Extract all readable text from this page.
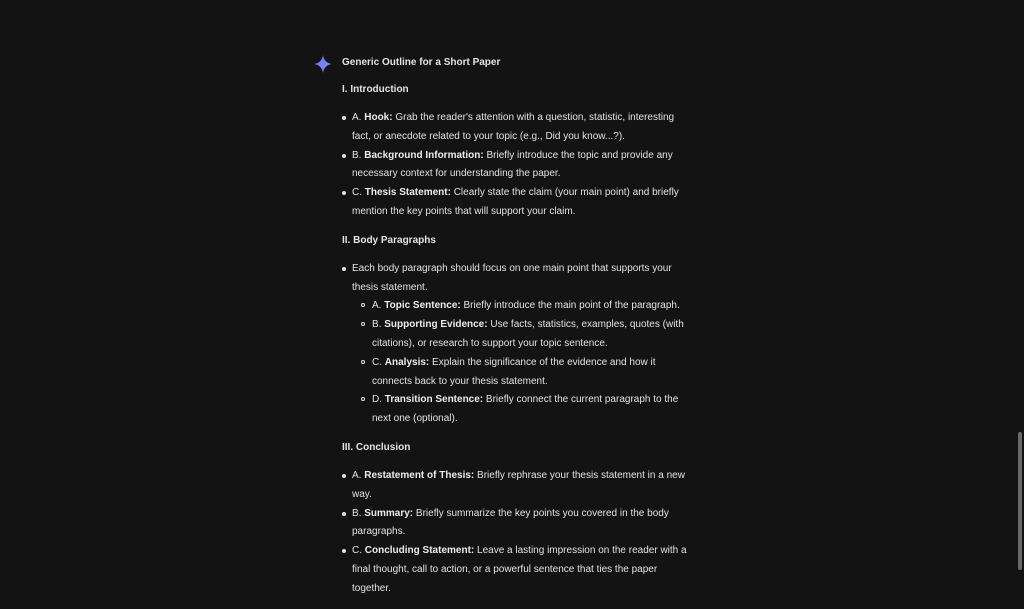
Generic Outline for a Short Paper
I. Introduction
A. Hook: Grab the reader's attention with a question, statistic, interesting fact, or anecdote related to your topic (e.g., Did you know...?).
B. Background Information: Briefly introduce the topic and provide any necessary context for understanding the paper.
C. Thesis Statement: Clearly state the claim (your main point) and briefly mention the key points that will support your claim.
II. Body Paragraphs
Each body paragraph should focus on one main point that supports your thesis statement.
A. Topic Sentence: Briefly introduce the main point of the paragraph.
B. Supporting Evidence: Use facts, statistics, examples, quotes (with citations), or research to support your topic sentence.
C. Analysis: Explain the significance of the evidence and how it connects back to your thesis statement.
D. Transition Sentence: Briefly connect the current paragraph to the next one (optional).
III. Conclusion
A. Restatement of Thesis: Briefly rephrase your thesis statement in a new way.
B. Summary: Briefly summarize the key points you covered in the body paragraphs.
C. Concluding Statement: Leave a lasting impression on the reader with a final thought, call to action, or a powerful sentence that ties the paper together.
